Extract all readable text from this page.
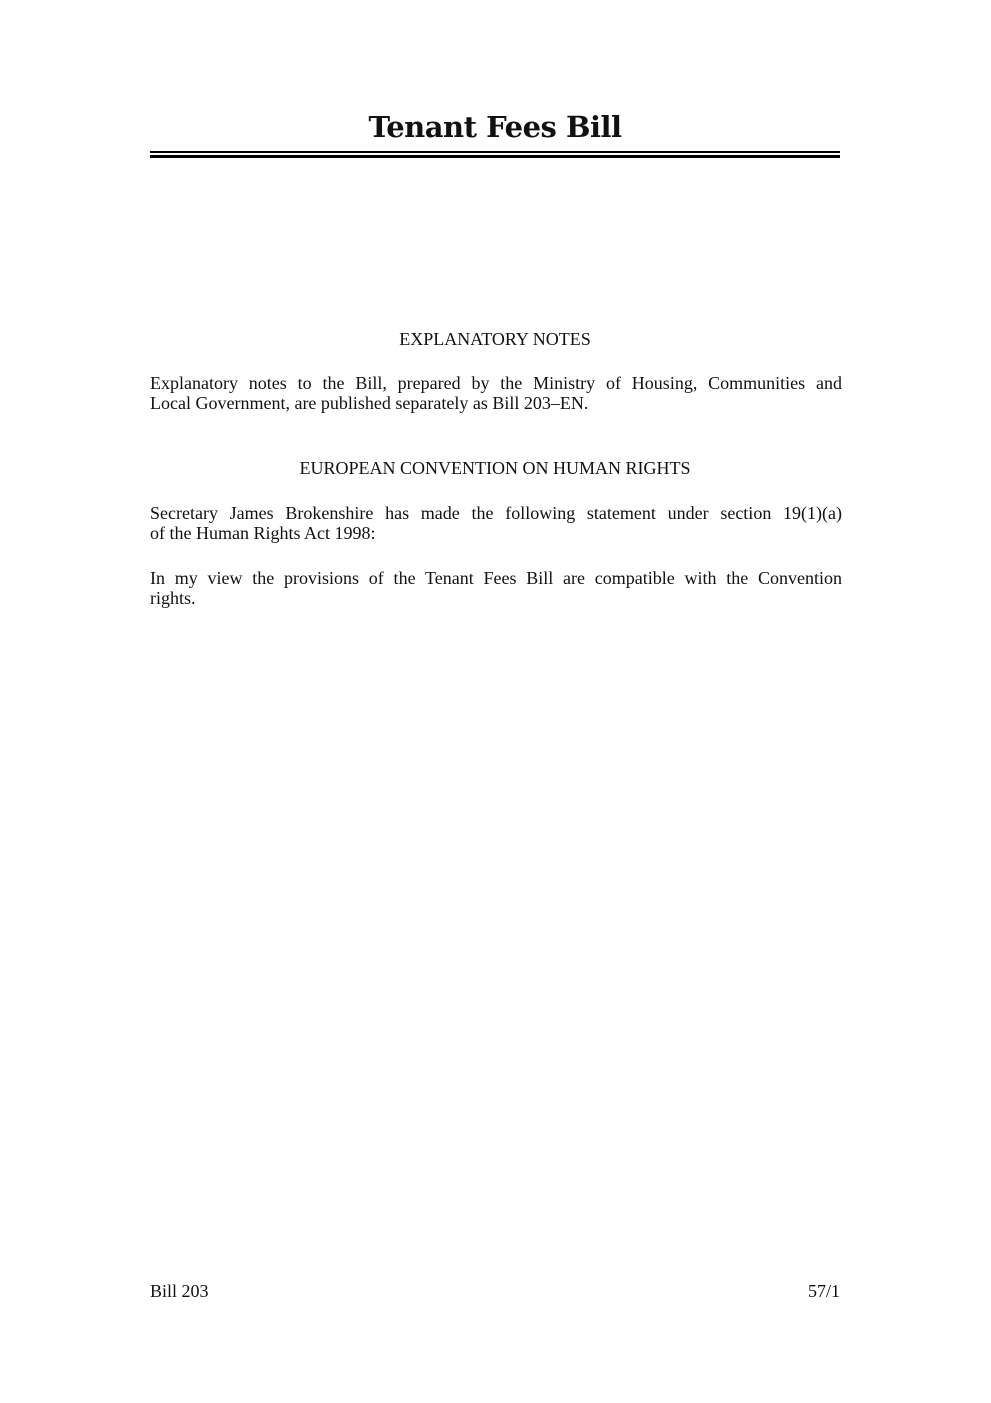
Tenant Fees Bill
EXPLANATORY NOTES
Explanatory notes to the Bill, prepared by the Ministry of Housing, Communities and
Local Government, are published separately as Bill 203–EN.
EUROPEAN CONVENTION ON HUMAN RIGHTS
Secretary James Brokenshire has made the following statement under section 19(1)(a)
of the Human Rights Act 1998:
In my view the provisions of the Tenant Fees Bill are compatible with the Convention
rights.
Bill 203	57/1
